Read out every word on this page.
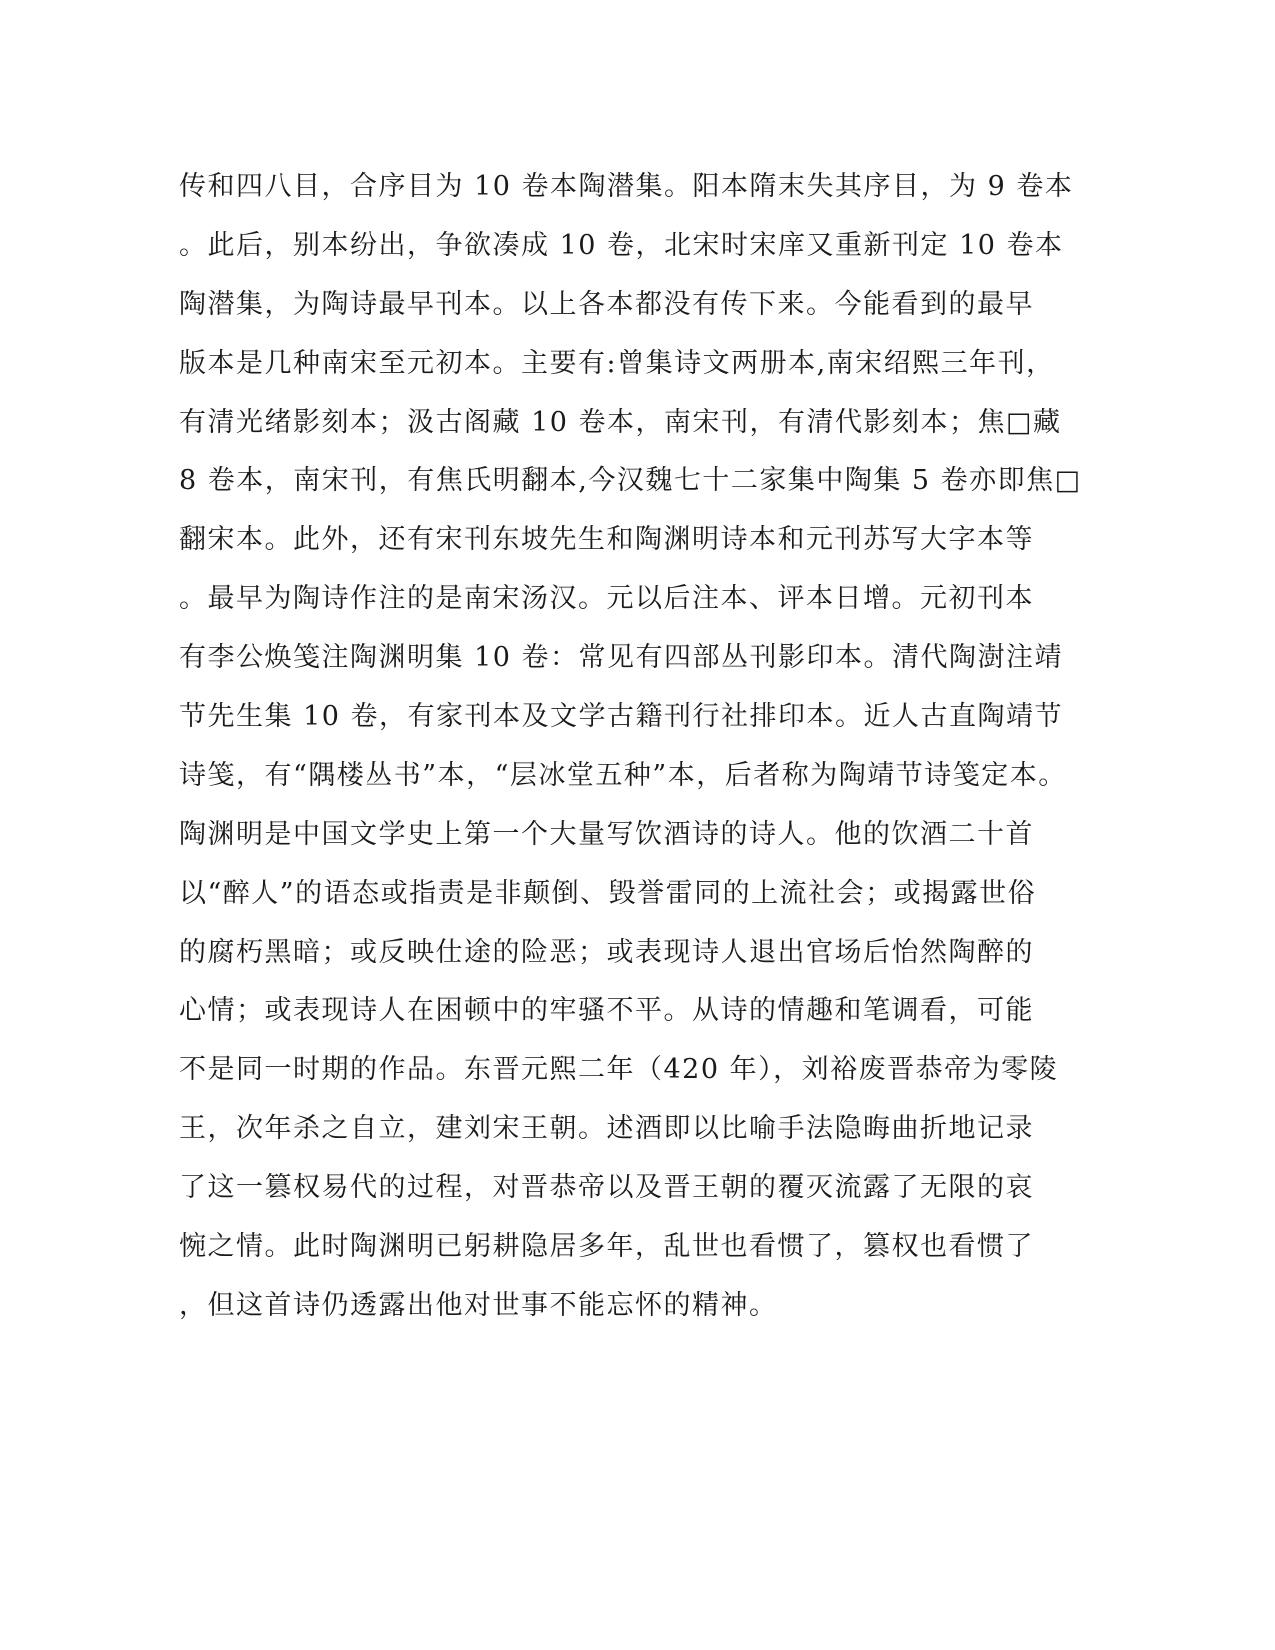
传和四八目，合序目为 10 卷本陶潜集。阳本隋末失其序目，为 9 卷本
。此后，别本纷出，争欲凑成 10 卷，北宋时宋庠又重新刊定 10 卷本
陶潜集，为陶诗最早刊本。以上各本都没有传下来。今能看到的最早
版本是几种南宋至元初本。主要有:曾集诗文两册本,南宋绍熙三年刊，
有清光绪影刻本；汲古阁藏 10 卷本，南宋刊，有清代影刻本；焦□藏
8 卷本，南宋刊，有焦氏明翻本,今汉魏七十二家集中陶集 5 卷亦即焦□
翻宋本。此外，还有宋刊东坡先生和陶渊明诗本和元刊苏写大字本等
。最早为陶诗作注的是南宋汤汉。元以后注本、评本日增。元初刊本
有李公焕笺注陶渊明集 10 卷：常见有四部丛刊影印本。清代陶澍注靖
节先生集 10 卷，有家刊本及文学古籍刊行社排印本。近人古直陶靖节
诗笺，有“隅楼丛书”本，“层冰堂五种”本，后者称为陶靖节诗笺定本。
陶渊明是中国文学史上第一个大量写饮酒诗的诗人。他的饮酒二十首
以“醉人”的语态或指责是非颠倒、毁誉雷同的上流社会；或揭露世俗
的腐朽黑暗；或反映仕途的险恶；或表现诗人退出官场后怡然陶醉的
心情；或表现诗人在困顿中的牢骚不平。从诗的情趣和笔调看，可能
不是同一时期的作品。东晋元熙二年（420 年），刘裕废晋恭帝为零陵
王，次年杀之自立，建刘宋王朝。述酒即以比喻手法隐晦曲折地记录
了这一篡权易代的过程，对晋恭帝以及晋王朝的覆灭流露了无限的哀
惋之情。此时陶渊明已躬耕隐居多年，乱世也看惯了，篡权也看惯了
，但这首诗仍透露出他对世事不能忘怀的精神。
